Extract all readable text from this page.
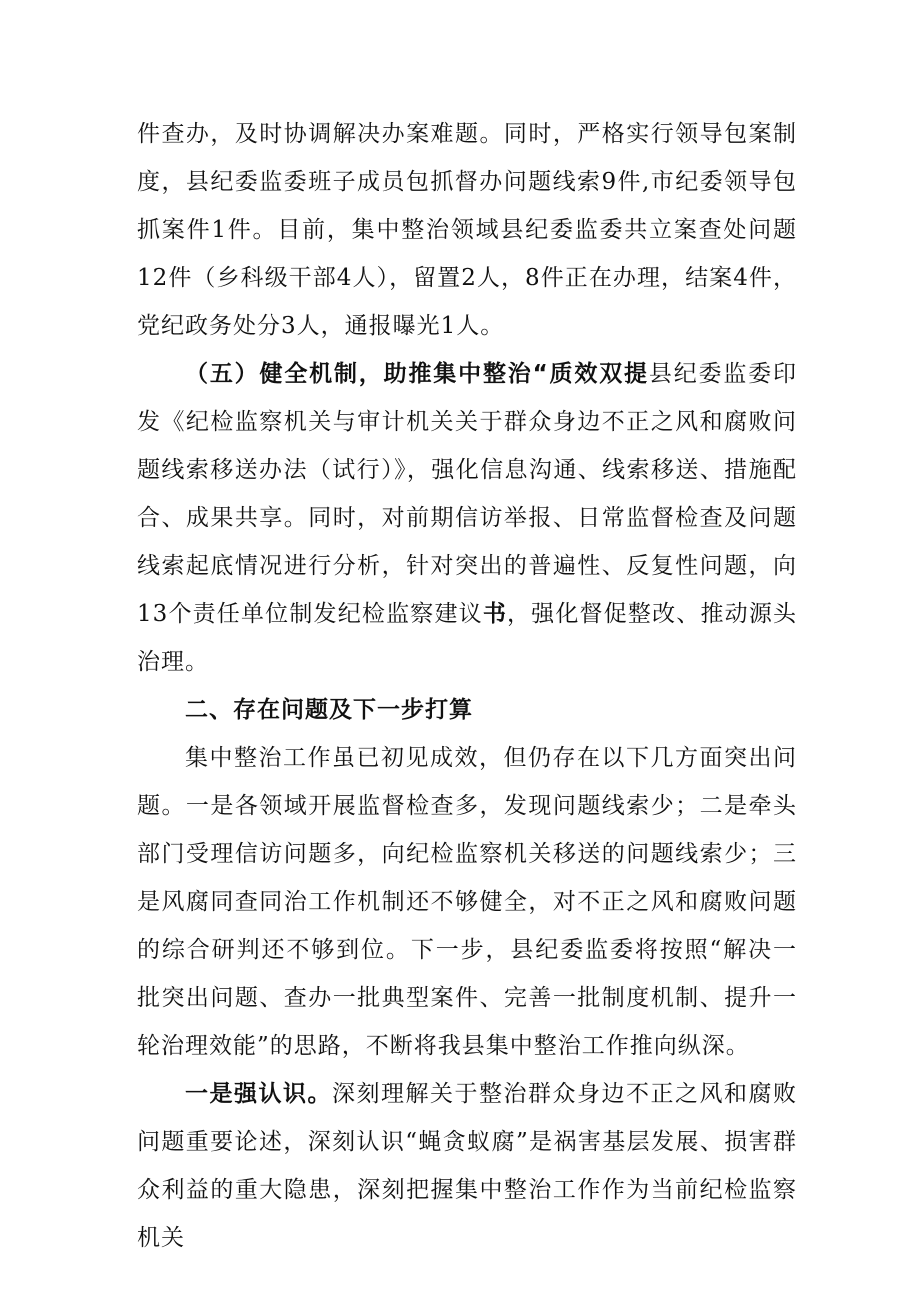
件查办，及时协调解决办案难题。同时，严格实行领导包案制度，县纪委监委班子成员包抓督办问题线索9件,市纪委领导包抓案件1件。目前，集中整治领域县纪委监委共立案查处问题12件（乡科级干部4人），留置2人，8件正在办理，结案4件，党纪政务处分3人，通报曝光1人。

（五）健全机制，助推集中整治“质效双提县纪委监委印发《纪检监察机关与审计机关关于群众身边不正之风和腐败问题线索移送办法（试行）》，强化信息沟通、线索移送、措施配合、成果共享。同时，对前期信访举报、日常监督检查及问题线索起底情况进行分析，针对突出的普遍性、反复性问题，向13个责任单位制发纪检监察建议书，强化督促整改、推动源头治理。

二、存在问题及下一步打算

集中整治工作虽已初见成效，但仍存在以下几方面突出问题。一是各领域开展监督检查多，发现问题线索少；二是牵头部门受理信访问题多，向纪检监察机关移送的问题线索少；三是风腐同查同治工作机制还不够健全，对不正之风和腐败问题的综合研判还不够到位。下一步，县纪委监委将按照“解决一批突出问题、查办一批典型案件、完善一批制度机制、提升一轮治理效能”的思路，不断将我县集中整治工作推向纵深。

一是强认识。深刻理解关于整治群众身边不正之风和腐败问题重要论述，深刻认识“蝇贪蚁腐”是祸害基层发展、损害群众利益的重大隐患，深刻把握集中整治工作作为当前纪检监察机关
